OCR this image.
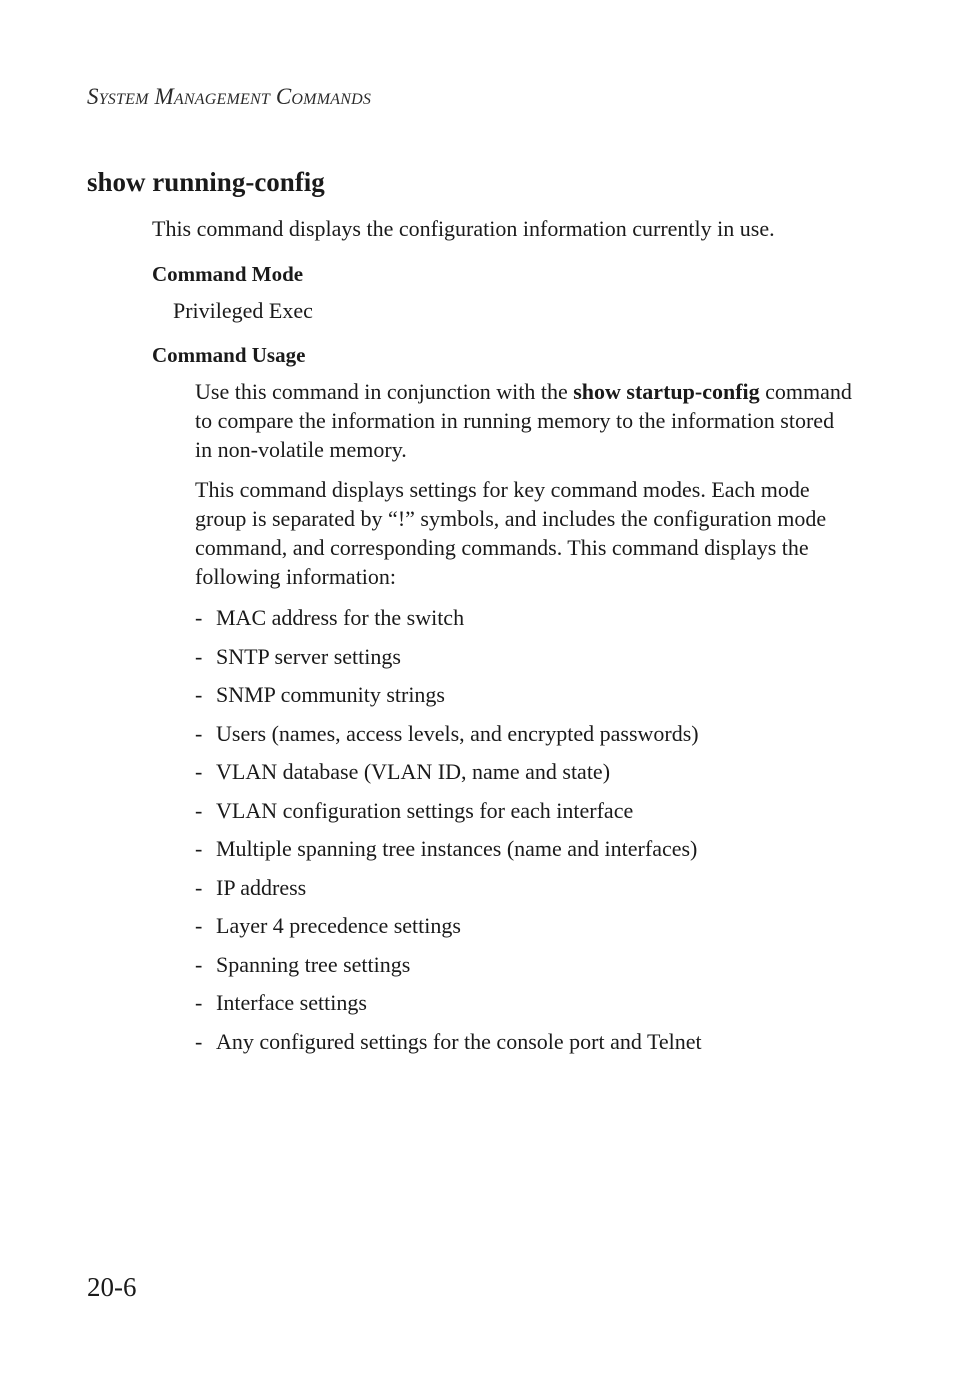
System Management Commands
show running-config

This command displays the configuration information currently in use.

Command Mode

Privileged Exec

Command Usage

Use this command in conjunction with the show startup-config command to compare the information in running memory to the information stored in non-volatile memory.

This command displays settings for key command modes. Each mode group is separated by “!” symbols, and includes the configuration mode command, and corresponding commands. This command displays the following information:

- MAC address for the switch
- SNTP server settings
- SNMP community strings
- Users (names, access levels, and encrypted passwords)
- VLAN database (VLAN ID, name and state)
- VLAN configuration settings for each interface
- Multiple spanning tree instances (name and interfaces)
- IP address
- Layer 4 precedence settings
- Spanning tree settings
- Interface settings
- Any configured settings for the console port and Telnet
20-6
